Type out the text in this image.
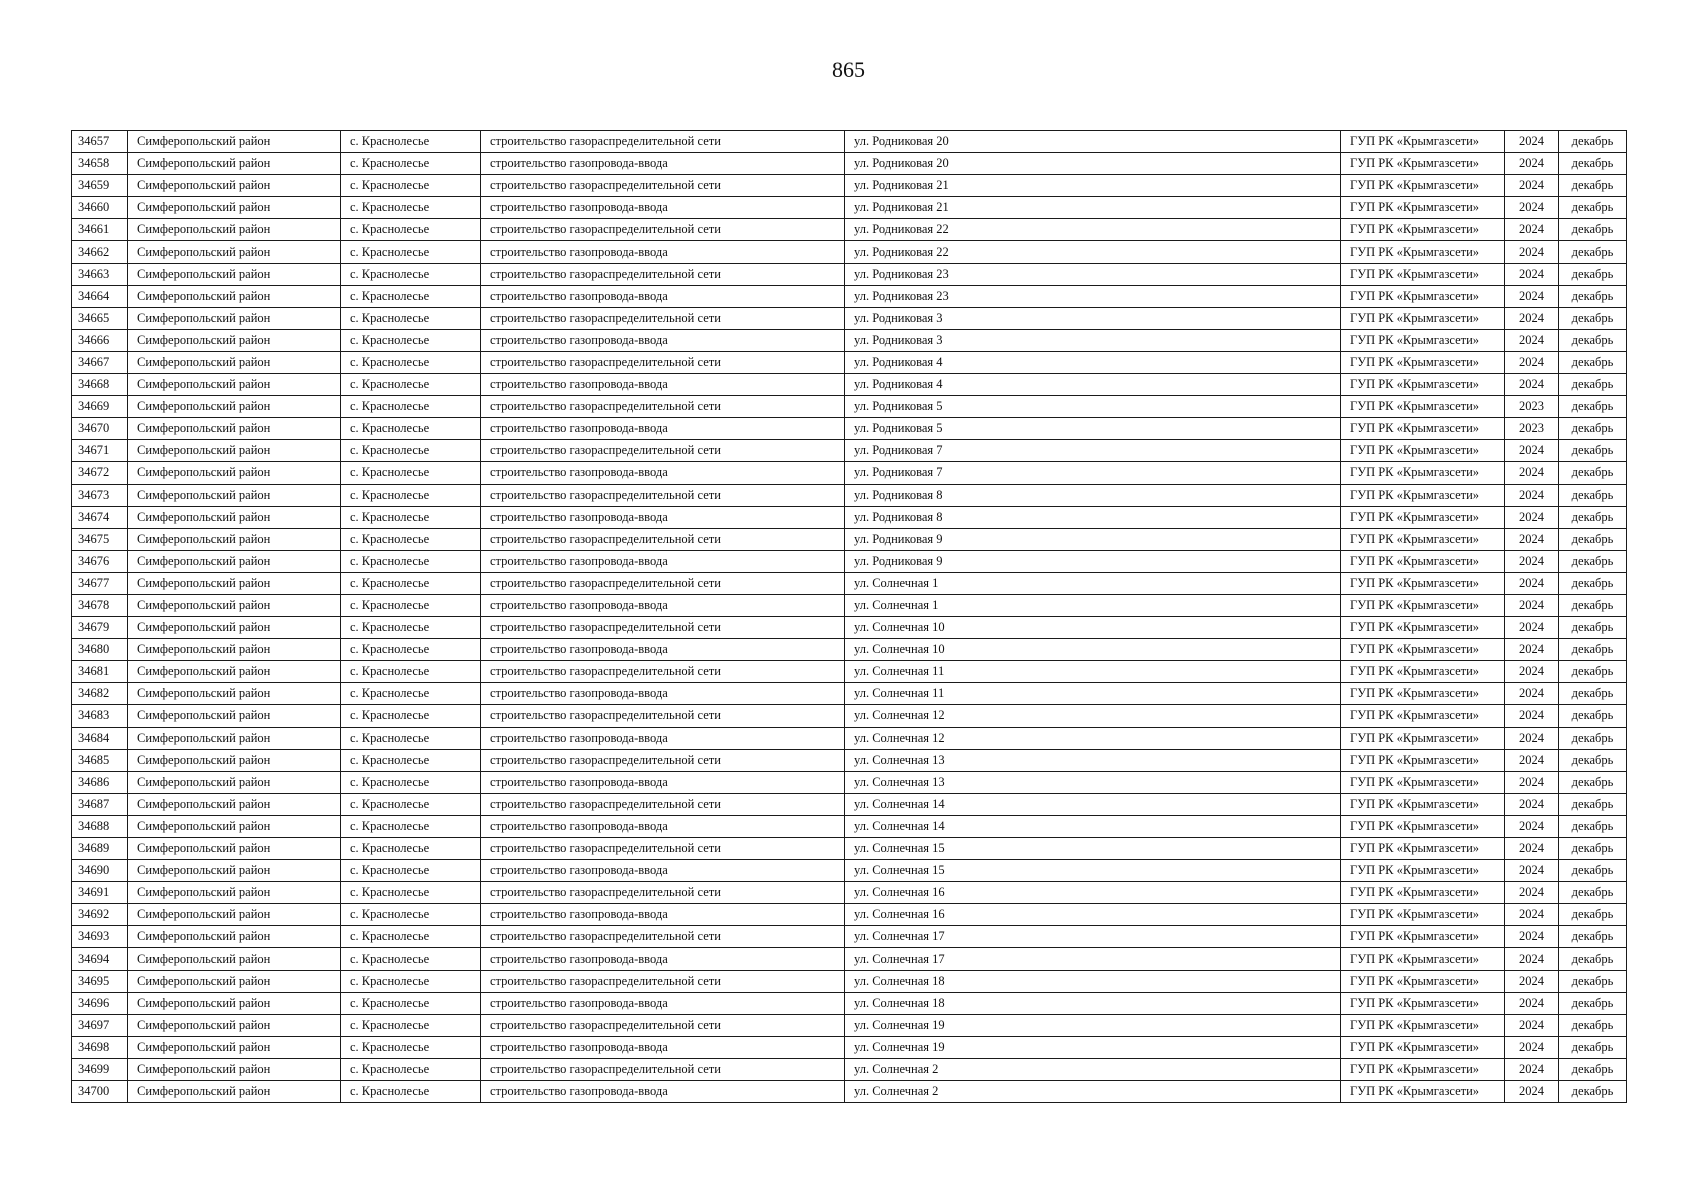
865
34657	Симферопольский район	с. Краснолесье	строительство газораспределительной сети	ул. Родниковая 20	ГУП РК «Крымгазсети»	2024	декабрь
34658	Симферопольский район	с. Краснолесье	строительство газопровода-ввода	ул. Родниковая 20	ГУП РК «Крымгазсети»	2024	декабрь
34659	Симферопольский район	с. Краснолесье	строительство газораспределительной сети	ул. Родниковая 21	ГУП РК «Крымгазсети»	2024	декабрь
34660	Симферопольский район	с. Краснолесье	строительство газопровода-ввода	ул. Родниковая 21	ГУП РК «Крымгазсети»	2024	декабрь
34661	Симферопольский район	с. Краснолесье	строительство газораспределительной сети	ул. Родниковая 22	ГУП РК «Крымгазсети»	2024	декабрь
34662	Симферопольский район	с. Краснолесье	строительство газопровода-ввода	ул. Родниковая 22	ГУП РК «Крымгазсети»	2024	декабрь
34663	Симферопольский район	с. Краснолесье	строительство газораспределительной сети	ул. Родниковая 23	ГУП РК «Крымгазсети»	2024	декабрь
34664	Симферопольский район	с. Краснолесье	строительство газопровода-ввода	ул. Родниковая 23	ГУП РК «Крымгазсети»	2024	декабрь
34665	Симферопольский район	с. Краснолесье	строительство газораспределительной сети	ул. Родниковая 3	ГУП РК «Крымгазсети»	2024	декабрь
34666	Симферопольский район	с. Краснолесье	строительство газопровода-ввода	ул. Родниковая 3	ГУП РК «Крымгазсети»	2024	декабрь
34667	Симферопольский район	с. Краснолесье	строительство газораспределительной сети	ул. Родниковая 4	ГУП РК «Крымгазсети»	2024	декабрь
34668	Симферопольский район	с. Краснолесье	строительство газопровода-ввода	ул. Родниковая 4	ГУП РК «Крымгазсети»	2024	декабрь
34669	Симферопольский район	с. Краснолесье	строительство газораспределительной сети	ул. Родниковая 5	ГУП РК «Крымгазсети»	2023	декабрь
34670	Симферопольский район	с. Краснолесье	строительство газопровода-ввода	ул. Родниковая 5	ГУП РК «Крымгазсети»	2023	декабрь
34671	Симферопольский район	с. Краснолесье	строительство газораспределительной сети	ул. Родниковая 7	ГУП РК «Крымгазсети»	2024	декабрь
34672	Симферопольский район	с. Краснолесье	строительство газопровода-ввода	ул. Родниковая 7	ГУП РК «Крымгазсети»	2024	декабрь
34673	Симферопольский район	с. Краснолесье	строительство газораспределительной сети	ул. Родниковая 8	ГУП РК «Крымгазсети»	2024	декабрь
34674	Симферопольский район	с. Краснолесье	строительство газопровода-ввода	ул. Родниковая 8	ГУП РК «Крымгазсети»	2024	декабрь
34675	Симферопольский район	с. Краснолесье	строительство газораспределительной сети	ул. Родниковая 9	ГУП РК «Крымгазсети»	2024	декабрь
34676	Симферопольский район	с. Краснолесье	строительство газопровода-ввода	ул. Родниковая 9	ГУП РК «Крымгазсети»	2024	декабрь
34677	Симферопольский район	с. Краснолесье	строительство газораспределительной сети	ул. Солнечная 1	ГУП РК «Крымгазсети»	2024	декабрь
34678	Симферопольский район	с. Краснолесье	строительство газопровода-ввода	ул. Солнечная 1	ГУП РК «Крымгазсети»	2024	декабрь
34679	Симферопольский район	с. Краснолесье	строительство газораспределительной сети	ул. Солнечная 10	ГУП РК «Крымгазсети»	2024	декабрь
34680	Симферопольский район	с. Краснолесье	строительство газопровода-ввода	ул. Солнечная 10	ГУП РК «Крымгазсети»	2024	декабрь
34681	Симферопольский район	с. Краснолесье	строительство газораспределительной сети	ул. Солнечная 11	ГУП РК «Крымгазсети»	2024	декабрь
34682	Симферопольский район	с. Краснолесье	строительство газопровода-ввода	ул. Солнечная 11	ГУП РК «Крымгазсети»	2024	декабрь
34683	Симферопольский район	с. Краснолесье	строительство газораспределительной сети	ул. Солнечная 12	ГУП РК «Крымгазсети»	2024	декабрь
34684	Симферопольский район	с. Краснолесье	строительство газопровода-ввода	ул. Солнечная 12	ГУП РК «Крымгазсети»	2024	декабрь
34685	Симферопольский район	с. Краснолесье	строительство газораспределительной сети	ул. Солнечная 13	ГУП РК «Крымгазсети»	2024	декабрь
34686	Симферопольский район	с. Краснолесье	строительство газопровода-ввода	ул. Солнечная 13	ГУП РК «Крымгазсети»	2024	декабрь
34687	Симферопольский район	с. Краснолесье	строительство газораспределительной сети	ул. Солнечная 14	ГУП РК «Крымгазсети»	2024	декабрь
34688	Симферопольский район	с. Краснолесье	строительство газопровода-ввода	ул. Солнечная 14	ГУП РК «Крымгазсети»	2024	декабрь
34689	Симферопольский район	с. Краснолесье	строительство газораспределительной сети	ул. Солнечная 15	ГУП РК «Крымгазсети»	2024	декабрь
34690	Симферопольский район	с. Краснолесье	строительство газопровода-ввода	ул. Солнечная 15	ГУП РК «Крымгазсети»	2024	декабрь
34691	Симферопольский район	с. Краснолесье	строительство газораспределительной сети	ул. Солнечная 16	ГУП РК «Крымгазсети»	2024	декабрь
34692	Симферопольский район	с. Краснолесье	строительство газопровода-ввода	ул. Солнечная 16	ГУП РК «Крымгазсети»	2024	декабрь
34693	Симферопольский район	с. Краснолесье	строительство газораспределительной сети	ул. Солнечная 17	ГУП РК «Крымгазсети»	2024	декабрь
34694	Симферопольский район	с. Краснолесье	строительство газопровода-ввода	ул. Солнечная 17	ГУП РК «Крымгазсети»	2024	декабрь
34695	Симферопольский район	с. Краснолесье	строительство газораспределительной сети	ул. Солнечная 18	ГУП РК «Крымгазсети»	2024	декабрь
34696	Симферопольский район	с. Краснолесье	строительство газопровода-ввода	ул. Солнечная 18	ГУП РК «Крымгазсети»	2024	декабрь
34697	Симферопольский район	с. Краснолесье	строительство газораспределительной сети	ул. Солнечная 19	ГУП РК «Крымгазсети»	2024	декабрь
34698	Симферопольский район	с. Краснолесье	строительство газопровода-ввода	ул. Солнечная 19	ГУП РК «Крымгазсети»	2024	декабрь
34699	Симферопольский район	с. Краснолесье	строительство газораспределительной сети	ул. Солнечная 2	ГУП РК «Крымгазсети»	2024	декабрь
34700	Симферопольский район	с. Краснолесье	строительство газопровода-ввода	ул. Солнечная 2	ГУП РК «Крымгазсети»	2024	декабрь
